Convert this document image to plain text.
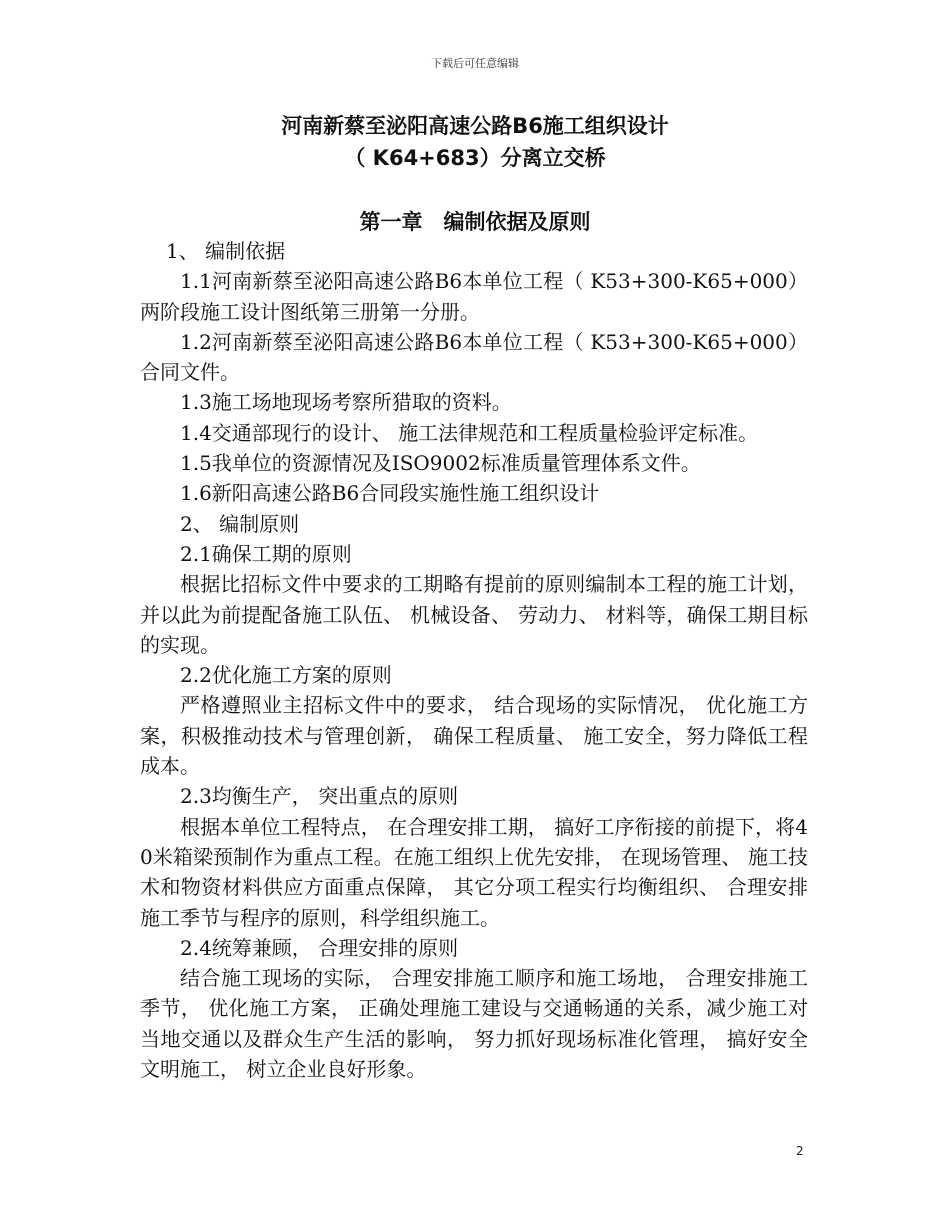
下载后可任意编辑
河南新蔡至泌阳高速公路B6施工组织设计
（ K64+683）分离立交桥
第一章　编制依据及原则

1、 编制依据

1.1河南新蔡至泌阳高速公路B6本单位工程（ K53+300-K65+000）两阶段施工设计图纸第三册第一分册。

1.2河南新蔡至泌阳高速公路B6本单位工程（ K53+300-K65+000）合同文件。

1.3施工场地现场考察所猎取的资料。

1.4交通部现行的设计、 施工法律规范和工程质量检验评定标准。

1.5我单位的资源情况及ISO9002标准质量管理体系文件。

1.6新阳高速公路B6合同段实施性施工组织设计

2、 编制原则

2.1确保工期的原则

根据比招标文件中要求的工期略有提前的原则编制本工程的施工计划， 并以此为前提配备施工队伍、 机械设备、 劳动力、 材料等，确保工期目标的实现。

2.2优化施工方案的原则

严格遵照业主招标文件中的要求， 结合现场的实际情况， 优化施工方案，积极推动技术与管理创新， 确保工程质量、 施工安全，努力降低工程成本。

2.3均衡生产， 突出重点的原则

根据本单位工程特点， 在合理安排工期， 搞好工序衔接的前提下，将40米箱梁预制作为重点工程。在施工组织上优先安排， 在现场管理、 施工技术和物资材料供应方面重点保障， 其它分项工程实行均衡组织、 合理安排施工季节与程序的原则，科学组织施工。

2.4统筹兼顾， 合理安排的原则

结合施工现场的实际， 合理安排施工顺序和施工场地， 合理安排施工季节， 优化施工方案， 正确处理施工建设与交通畅通的关系，减少施工对当地交通以及群众生产生活的影响， 努力抓好现场标准化管理， 搞好安全文明施工， 树立企业良好形象。

2
